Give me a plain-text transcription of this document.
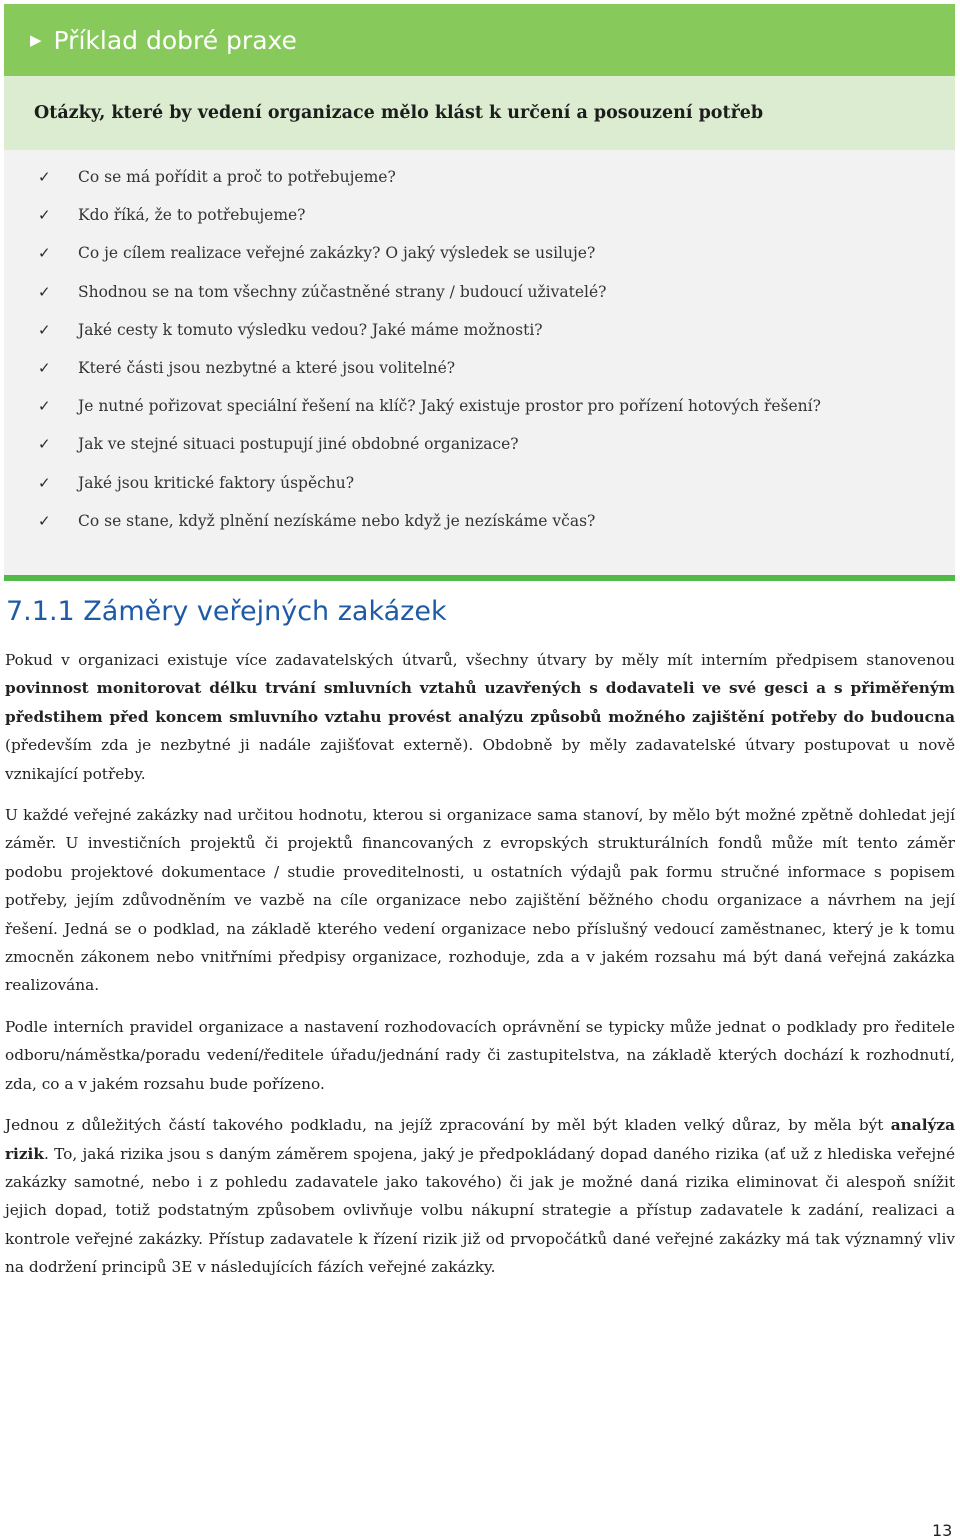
▶ Příklad dobré praxe
Otázky, které by vedení organizace mělo klást k určení a posouzení potřeb
✓	Co se má pořídit a proč to potřebujeme?
✓	Kdo říká, že to potřebujeme?
✓	Co je cílem realizace veřejné zakázky? O jaký výsledek se usiluje?
✓	Shodnou se na tom všechny zúčastněné strany / budoucí uživatelé?
✓	Jaké cesty k tomuto výsledku vedou? Jaké máme možnosti?
✓	Které části jsou nezbytné a které jsou volitelné?
✓	Je nutné pořizovat speciální řešení na klíč? Jaký existuje prostor pro pořízení hotových řešení?
✓	Jak ve stejné situaci postupují jiné obdobné organizace?
✓	Jaké jsou kritické faktory úspěchu?
✓	Co se stane, když plnění nezískáme nebo když je nezískáme včas?
7.1.1 Záměry veřejných zakázek

Pokud v organizaci existuje více zadavatelských útvarů, všechny útvary by měly mít interním předpisem stanovenou povinnost monitorovat délku trvání smluvních vztahů uzavřených s dodavateli ve své gesci a s přiměřeným předstihem před koncem smluvního vztahu provést analýzu způsobů možného zajištění potřeby do budoucna (především zda je nezbytné ji nadále zajišťovat externě). Obdobně by měly zadavatelské útvary postupovat u nově vznikající potřeby.

U každé veřejné zakázky nad určitou hodnotu, kterou si organizace sama stanoví, by mělo být možné zpětně dohledat její záměr. U investičních projektů či projektů financovaných z evropských strukturálních fondů může mít tento záměr podobu projektové dokumentace / studie proveditelnosti, u ostatních výdajů pak formu stručné informace s popisem potřeby, jejím zdůvodněním ve vazbě na cíle organizace nebo zajištění běžného chodu organizace a návrhem na její řešení. Jedná se o podklad, na základě kterého vedení organizace nebo příslušný vedoucí zaměstnanec, který je k tomu zmocněn zákonem nebo vnitřními předpisy organizace, rozhoduje, zda a v jakém rozsahu má být daná veřejná zakázka realizována.

Podle interních pravidel organizace a nastavení rozhodovacích oprávnění se typicky může jednat o podklady pro ředitele odboru/náměstka/poradu vedení/ředitele úřadu/jednání rady či zastupitelstva, na základě kterých dochází k rozhodnutí, zda, co a v jakém rozsahu bude pořízeno.

Jednou z důležitých částí takového podkladu, na jejíž zpracování by měl být kladen velký důraz, by měla být analýza rizik. To, jaká rizika jsou s daným záměrem spojena, jaký je předpokládaný dopad daného rizika (ať už z hlediska veřejné zakázky samotné, nebo i z pohledu zadavatele jako takového) či jak je možné daná rizika eliminovat či alespoň snížit jejich dopad, totiž podstatným způsobem ovlivňuje volbu nákupní strategie a přístup zadavatele k zadání, realizaci a kontrole veřejné zakázky. Přístup zadavatele k řízení rizik již od prvopočátků dané veřejné zakázky má tak významný vliv na dodržení principů 3E v následujících fázích veřejné zakázky.

13
